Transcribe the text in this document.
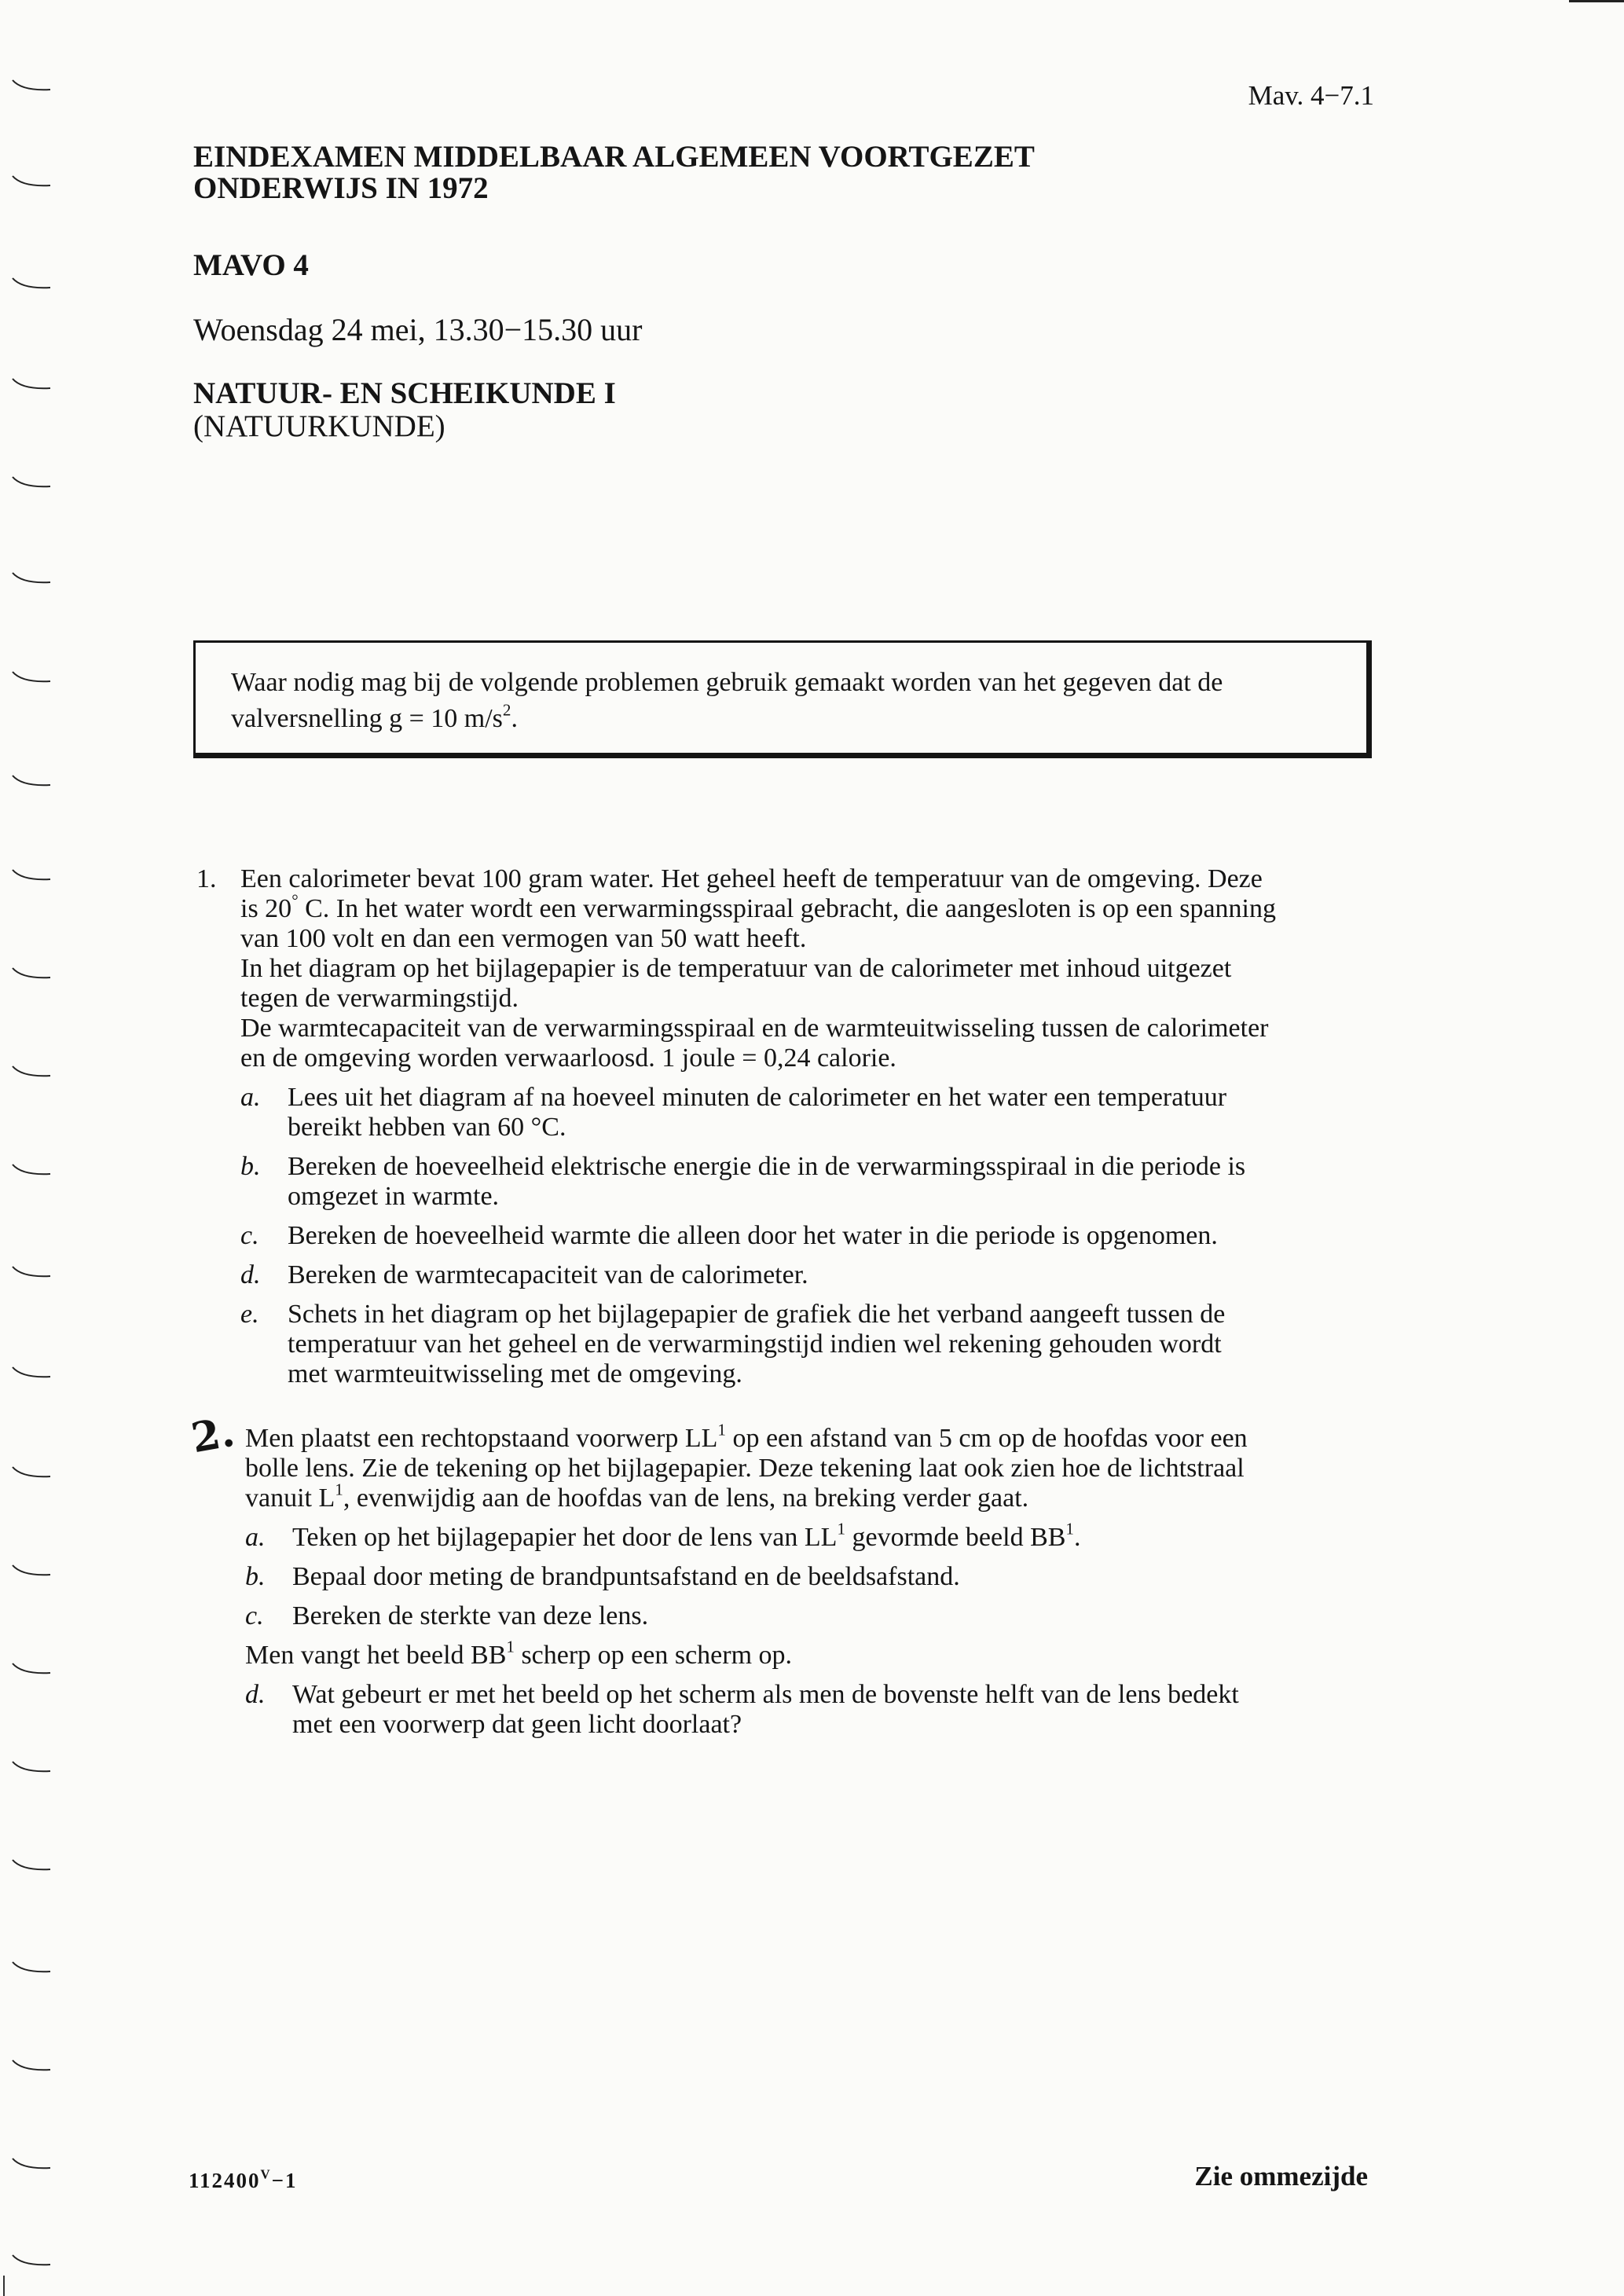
Mav. 4−7.1
EINDEXAMEN MIDDELBAAR ALGEMEEN VOORTGEZET
ONDERWIJS IN 1972
MAVO 4
Woensdag 24 mei, 13.30−15.30 uur
NATUUR- EN SCHEIKUNDE I
(NATUURKUNDE)
Waar nodig mag bij de volgende problemen gebruik gemaakt worden van het gegeven dat de
valversnelling g = 10 $m/s^2$.
1. Een calorimeter bevat 100 gram water. Het geheel heeft de temperatuur van de omgeving. Deze
is 20° C. In het water wordt een verwarmingsspiraal gebracht, die aangesloten is op een spanning
van 100 volt en dan een vermogen van 50 watt heeft.
In het diagram op het bijlagepapier is de temperatuur van de calorimeter met inhoud uitgezet
tegen de verwarmingstijd.
De warmtecapaciteit van de verwarmingsspiraal en de warmteuitwisseling tussen de calorimeter
en de omgeving worden verwaarloosd. 1 joule = 0,24 calorie.
a. Lees uit het diagram af na hoeveel minuten de calorimeter en het water een temperatuur
bereikt hebben van 60 °C.
b. Bereken de hoeveelheid elektrische energie die in de verwarmingsspiraal in die periode is
omgezet in warmte.
c. Bereken de hoeveelheid warmte die alleen door het water in die periode is opgenomen.
d. Bereken de warmtecapaciteit van de calorimeter.
e. Schets in het diagram op het bijlagepapier de grafiek die het verband aangeeft tussen de
temperatuur van het geheel en de verwarmingstijd indien wel rekening gehouden wordt
met warmteuitwisseling met de omgeving.
2. Men plaatst een rechtopstaand voorwerp $LL^1$ op een afstand van 5 cm op de hoofdas voor een
bolle lens. Zie de tekening op het bijlagepapier. Deze tekening laat ook zien hoe de lichtstraal
vanuit $L^1$, evenwijdig aan de hoofdas van de lens, na breking verder gaat.
a. Teken op het bijlagepapier het door de lens van $LL^1$ gevormde beeld $BB^1$.
b. Bepaal door meting de brandpuntsafstand en de beeldsafstand.
c. Bereken de sterkte van deze lens.
Men vangt het beeld $BB^1$ scherp op een scherm op.
d. Wat gebeurt er met het beeld op het scherm als men de bovenste helft van de lens bedekt
met een voorwerp dat geen licht doorlaat?
$112400^V-1$	Zie ommezijde
